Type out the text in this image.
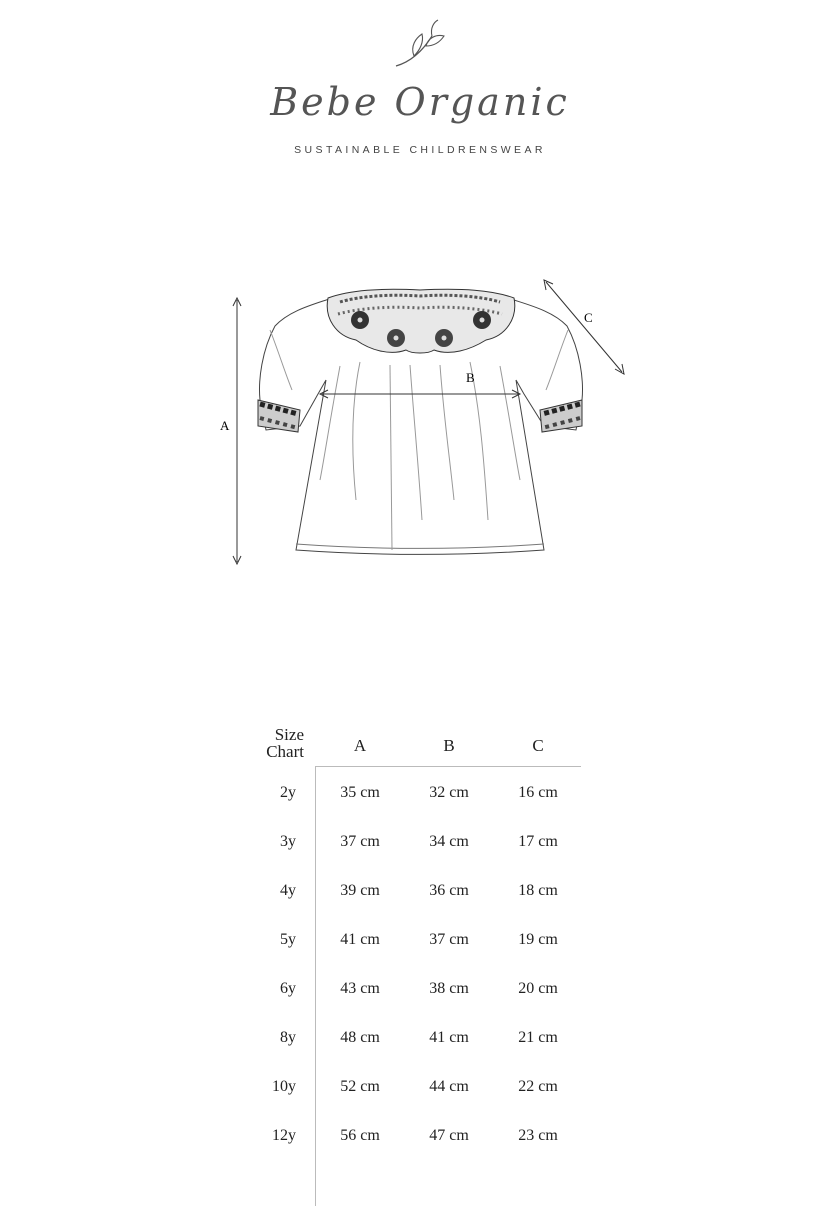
Bebe Organic
SUSTAINABLE CHILDRENSWEAR
A
B
C
Size
Chart	A	B	C
2y	35 cm	32 cm	16 cm
3y	37 cm	34 cm	17 cm
4y	39 cm	36 cm	18 cm
5y	41 cm	37 cm	19 cm
6y	43 cm	38 cm	20 cm
8y	48 cm	41 cm	21 cm
10y	52 cm	44 cm	22 cm
12y	56 cm	47 cm	23 cm
